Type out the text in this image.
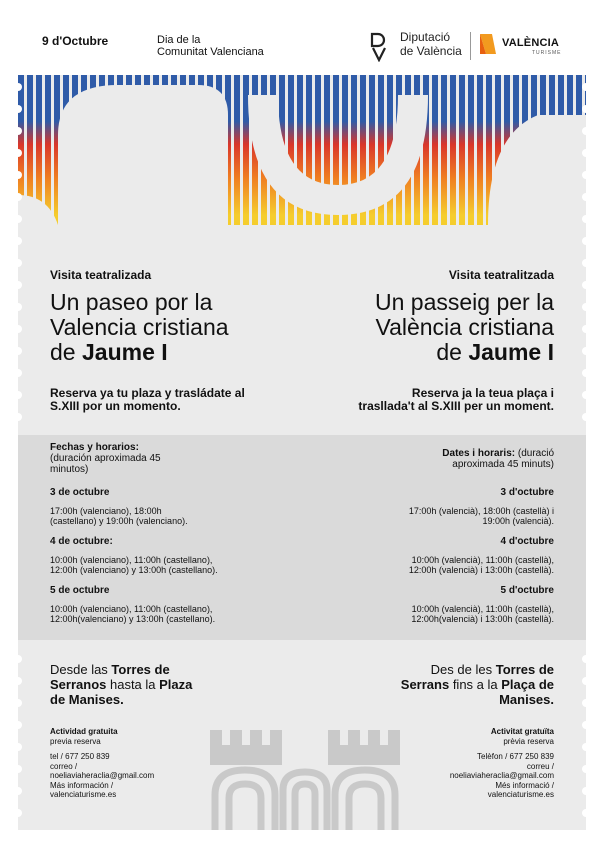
9 d'Octubre	Dia de la
Comunitat Valenciana
Diputació
de València
VALÈNCIA
TURISME
Visita teatralizada
Un paseo por la
Valencia cristiana
de Jaume I
Reserva ya tu plaza y trasládate al
S.XIII por un momento.
Fechas y horarios:
(duración aproximada 45
minutos)
3 de octubre
17:00h (valenciano), 18:00h
(castellano) y 19:00h (valenciano).
4 de octubre:
10:00h (valenciano), 11:00h (castellano),
12:00h (valenciano) y 13:00h (castellano).
5 de octubre
10:00h (valenciano), 11:00h (castellano),
12:00h(valenciano) y 13:00h (castellano).
Desde las Torres de
Serranos hasta la Plaza
de Manises.
Actividad gratuita
previa reserva
tel / 677 250 839
correo /
noeliaviaheraclia@gmail.com
Más información /
valenciaturisme.es
Visita teatralitzada
Un passeig per la
València cristiana
de Jaume I
Reserva ja la teua plaça i
trasllada't al S.XIII per un moment.
Dates i horaris: (duració
aproximada 45 minuts)
3 d'octubre
17:00h (valencià), 18:00h (castellà) i
19:00h (valencià).
4 d'octubre
10:00h (valencià), 11:00h (castellà),
12:00h (valencià) i 13:00h (castellà).
5 d'octubre
10:00h (valencià), 11:00h (castellà),
12:00h(valencià) i 13:00h (castellà).
Des de les Torres de
Serrans fins a la Plaça de
Manises.
Activitat gratuïta
prèvia reserva
Telèfon / 677 250 839
correu /
noeliaviaheraclia@gmail.com
Més informació /
valenciaturisme.es
